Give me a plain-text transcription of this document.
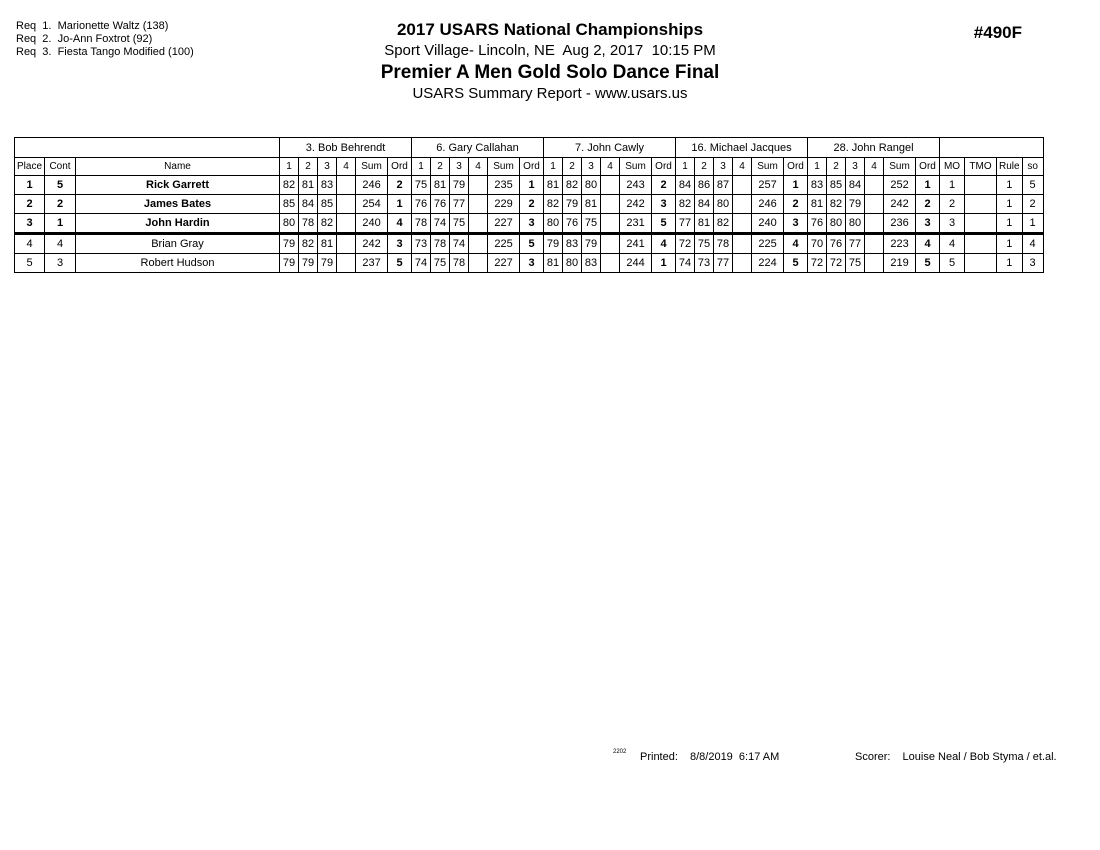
Req  1.  Marionette Waltz (138)
Req  2.  Jo-Ann Foxtrot (92)
Req  3.  Fiesta Tango Modified (100)
2017 USARS National Championships
Sport Village- Lincoln, NE  Aug 2, 2017  10:15 PM
Premier A Men Gold Solo Dance Final
USARS Summary Report - www.usars.us
#490F
			3. Bob Behrendt						6. Gary Callahan						7. John Cawly						16. Michael Jacques						28. John Rangel									
Place	Cont	Name	1	2	3	4	Sum	Ord	1	2	3	4	Sum	Ord	1	2	3	4	Sum	Ord	1	2	3	4	Sum	Ord	1	2	3	4	Sum	Ord	MO	TMO	Rule	so
1	5	Rick Garrett	82	81	83		246	2	75	81	79		235	1	81	82	80		243	2	84	86	87		257	1	83	85	84		252	1	1		1	5
2	2	James Bates	85	84	85		254	1	76	76	77		229	2	82	79	81		242	3	82	84	80		246	2	81	82	79		242	2	2		1	2
3	1	John Hardin	80	78	82		240	4	78	74	75		227	3	80	76	75		231	5	77	81	82		240	3	76	80	80		236	3	3		1	1
4	4	Brian Gray	79	82	81		242	3	73	78	74		225	5	79	83	79		241	4	72	75	78		225	4	70	76	77		223	4	4		1	4
5	3	Robert Hudson	79	79	79		237	5	74	75	78		227	3	81	80	83		244	1	74	73	77		224	5	72	72	75		219	5	5		1	3
2202 Printed: 8/8/2019  6:17 AM	Scorer: Louise Neal / Bob Styma / et.al.
